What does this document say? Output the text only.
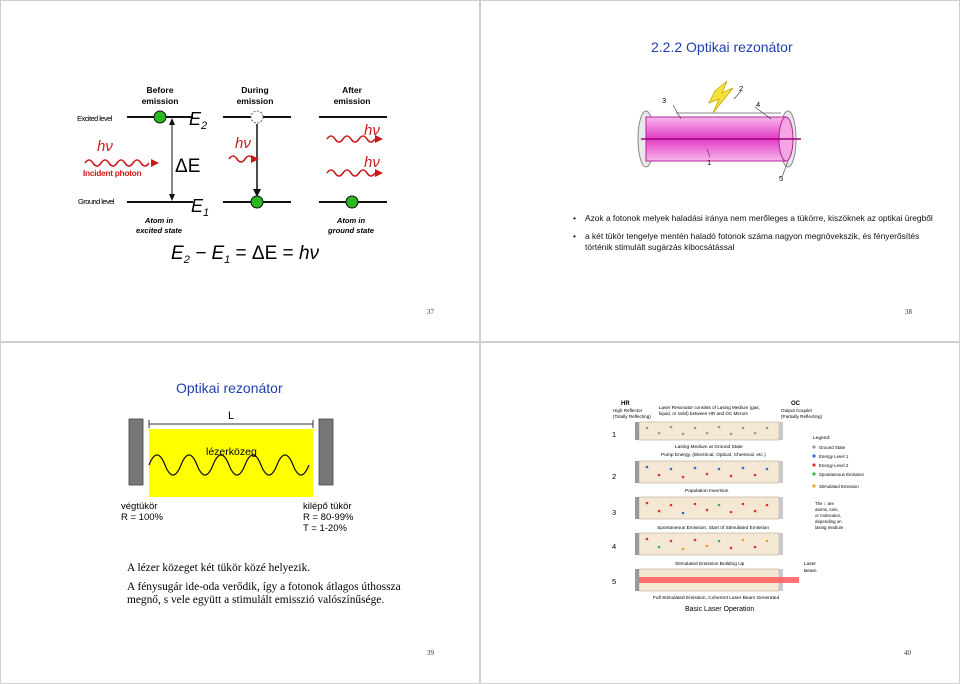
Before
emission
During
emission
After
emission
Excited level
Ground level
$E_2$
$E_1$
ΔE
hν
Incident photon
hν
hν
hν
Atom in
excited state
Atom in
ground state
$E_2 - E_1 = \Delta E = h\nu$
37
2.2.2 Optikai rezonátor
3
2
4
1
5
• Azok a fotonok melyek haladási iránya nem merőleges a tükörre, kiszöknek az optikai üregből
• a két tükör tengelye mentén haladó fotonok száma nagyon megnövekszik, és fényerősítés történik stimulált sugárzás kibocsátással
38
Optikai rezonátor
L
lézerközeg
végtükör
R = 100%
kilépő tükör
R = 80-99%
T = 1-20%

A lézer közeget két tükör közé helyezik.

A fénysugár ide-oda verődik, így a fotonok átlagos úthossza megnő, s vele együtt a stimulált emisszió valószínűsége.

39
HR
High Reflector
(Totally Reflecting)
Laser Resonator consists of Lasing Medium (gas,
liquid, or solid) between HR and OC Mirrors
OC
Output Coupler
(Partially Reflecting)
1
2
3
4
5
Lasing Medium at Ground State
Pump Energy, (Electrical, Optical, Chemical, etc.)
Population Inversion
Spontaneous Emission, Start of Stimulated Emission
Stimulated Emission Building Up
Full Stimulated Emission, Coherent Laser Beam Generated
Legend:
Ground State
Energy Level 1
Energy Level 2
Spontaneous Emission
Stimulated Emission
The ○ are
atoms, ions,
or molecules,
depending on
lasing medium
Laser
Beam
Basic Laser Operation
40
